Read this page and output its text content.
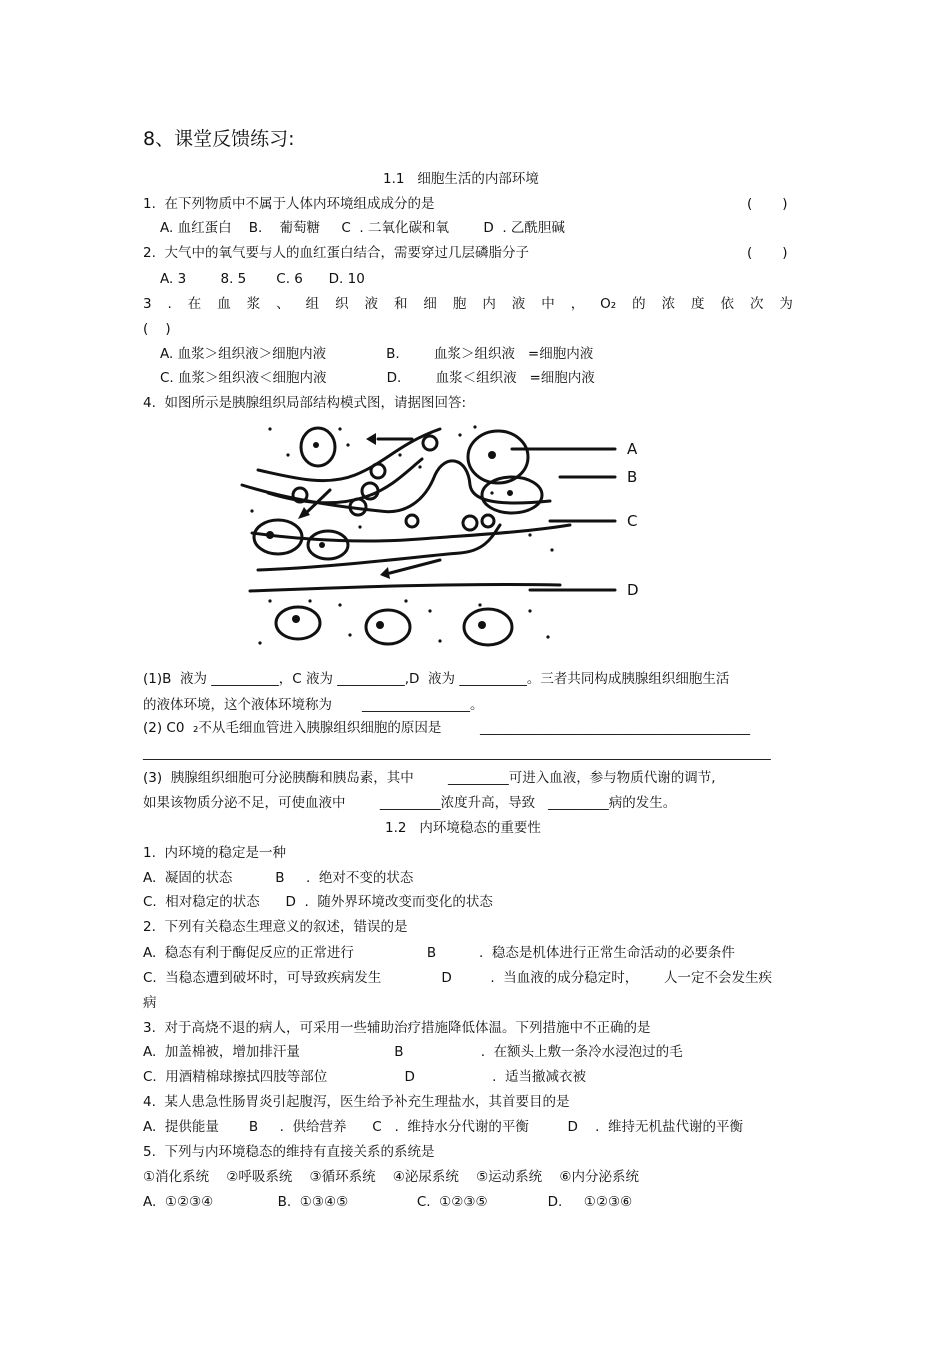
8、课堂反馈练习:
1.1   细胞生活的内部环境
1.  在下列物质中不属于人体内环境组成成分的是	(       )
A. 血红蛋白    B.    葡萄糖     C  . 二氧化碳和氧        D  . 乙酰胆碱
2.  大气中的氧气要与人的血红蛋白结合，需要穿过几层磷脂分子	(       )
A. 3        8. 5       C. 6      D. 10
3 . 在 血 浆 、 组 织 液 和 细 胞 内 液 中 ， O₂ 的 浓 度 依 次 为
(    )
A. 血浆＞组织液＞细胞内液              B.        血浆＞组织液   =细胞内液
C. 血浆＞组织液＜细胞内液              D.        血浆＜组织液   =细胞内液
4.  如图所示是胰腺组织局部结构模式图，请据图回答:
A
B
C
D
(1)B  液为 __________，C 液为 __________,D  液为 __________。三者共同构成胰腺组织细胞生活
的液体环境，这个液体环境称为       ________________。
(2) C0  ₂不从毛细血管进入胰腺组织细胞的原因是         ________________________________________
_____________________________________________________________________________________________
(3)  胰腺组织细胞可分泌胰酶和胰岛素，其中        _________可进入血液，参与物质代谢的调节,
如果该物质分泌不足，可使血液中        _________浓度升高，导致   _________病的发生。
1.2   内环境稳态的重要性
1.  内环境的稳定是一种
A.  凝固的状态          B     .  绝对不变的状态
C.  相对稳定的状态      D  .  随外界环境改变而变化的状态
2.  下列有关稳态生理意义的叙述，错误的是
A.  稳态有利于酶促反应的正常进行                 B          .  稳态是机体进行正常生命活动的必要条件
C.  当稳态遭到破坏时，可导致疾病发生              D         .  当血液的成分稳定时，      人一定不会发生疾
病
3.  对于高烧不退的病人，可采用一些辅助治疗措施降低体温。下列措施中不正确的是
A.  加盖棉被，增加排汗量                      B                  .  在额头上敷一条冷水浸泡过的毛
C.  用酒精棉球擦拭四肢等部位                  D                  .  适当撤减衣被
4.  某人患急性肠胃炎引起腹泻，医生给予补充生理盐水，其首要目的是
A.  提供能量       B     .  供给营养      C   .  维持水分代谢的平衡         D    .  维持无机盐代谢的平衡
5.  下列与内环境稳态的维持有直接关系的系统是
①消化系统    ②呼吸系统    ③循环系统    ④泌尿系统    ⑤运动系统    ⑥内分泌系统
A.  ①②③④               B.  ①③④⑤                C.  ①②③⑤              D.     ①②③⑥
